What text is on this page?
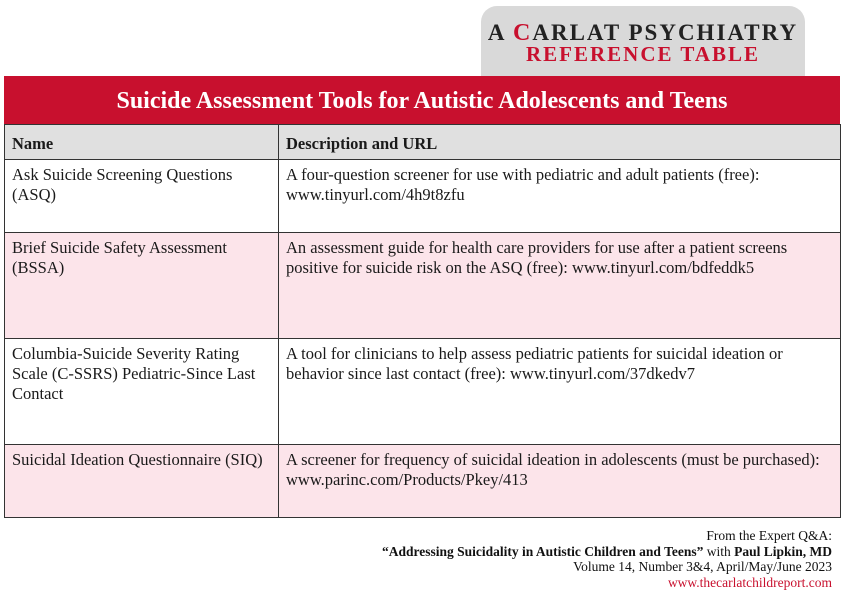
A CARLAT PSYCHIATRY
REFERENCE TABLE
Suicide Assessment Tools for Autistic Adolescents and Teens
Name	Description and URL
Ask Suicide Screening Questions (ASQ)	A four-question screener for use with pediatric and adult patients (free): www.tinyurl.com/4h9t8zfu
Brief Suicide Safety Assessment (BSSA)	An assessment guide for health care providers for use after a patient screens positive for suicide risk on the ASQ (free): www.tinyurl.com/bdfeddk5
Columbia-Suicide Severity Rating Scale (C-SSRS) Pediatric-Since Last Contact	A tool for clinicians to help assess pediatric patients for suicidal ideation or behavior since last contact (free): www.tinyurl.com/37dkedv7
Suicidal Ideation Questionnaire (SIQ)	A screener for frequency of suicidal ideation in adolescents (must be purchased): www.parinc.com/Products/Pkey/413
From the Expert Q&A:
“Addressing Suicidality in Autistic Children and Teens” with Paul Lipkin, MD
Volume 14, Number 3&4, April/May/June 2023
www.thecarlatchildreport.com
